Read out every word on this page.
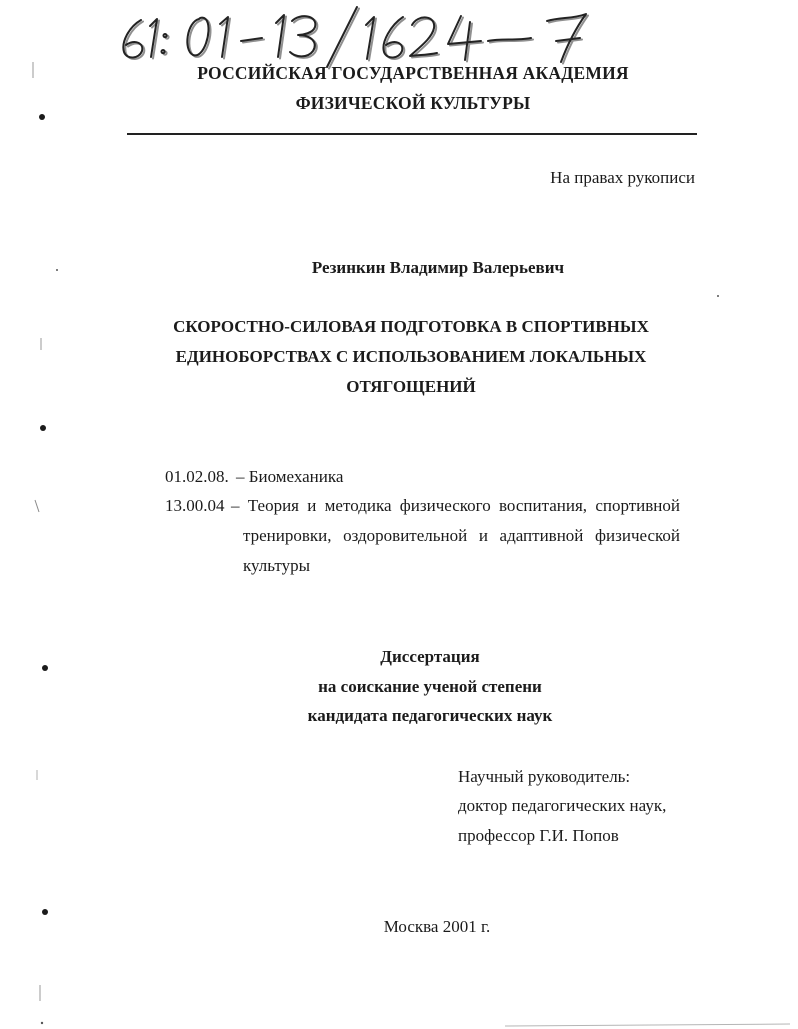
РОССИЙСКАЯ ГОСУДАРСТВЕННАЯ АКАДЕМИЯ
ФИЗИЧЕСКОЙ КУЛЬТУРЫ
На правах рукописи
Резинкин Владимир Валерьевич
СКОРОСТНО-СИЛОВАЯ ПОДГОТОВКА В СПОРТИВНЫХ
ЕДИНОБОРСТВАХ С ИСПОЛЬЗОВАНИЕМ ЛОКАЛЬНЫХ
ОТЯГОЩЕНИЙ
01.02.08. – Биомеханика
13.00.04 – Теория и методика физического воспитания, спортивной
тренировки, оздоровительной и адаптивной физической
культуры
Диссертация
на соискание ученой степени
кандидата педагогических наук
Научный руководитель:
доктор педагогических наук,
профессор Г.И. Попов
Москва 2001 г.
